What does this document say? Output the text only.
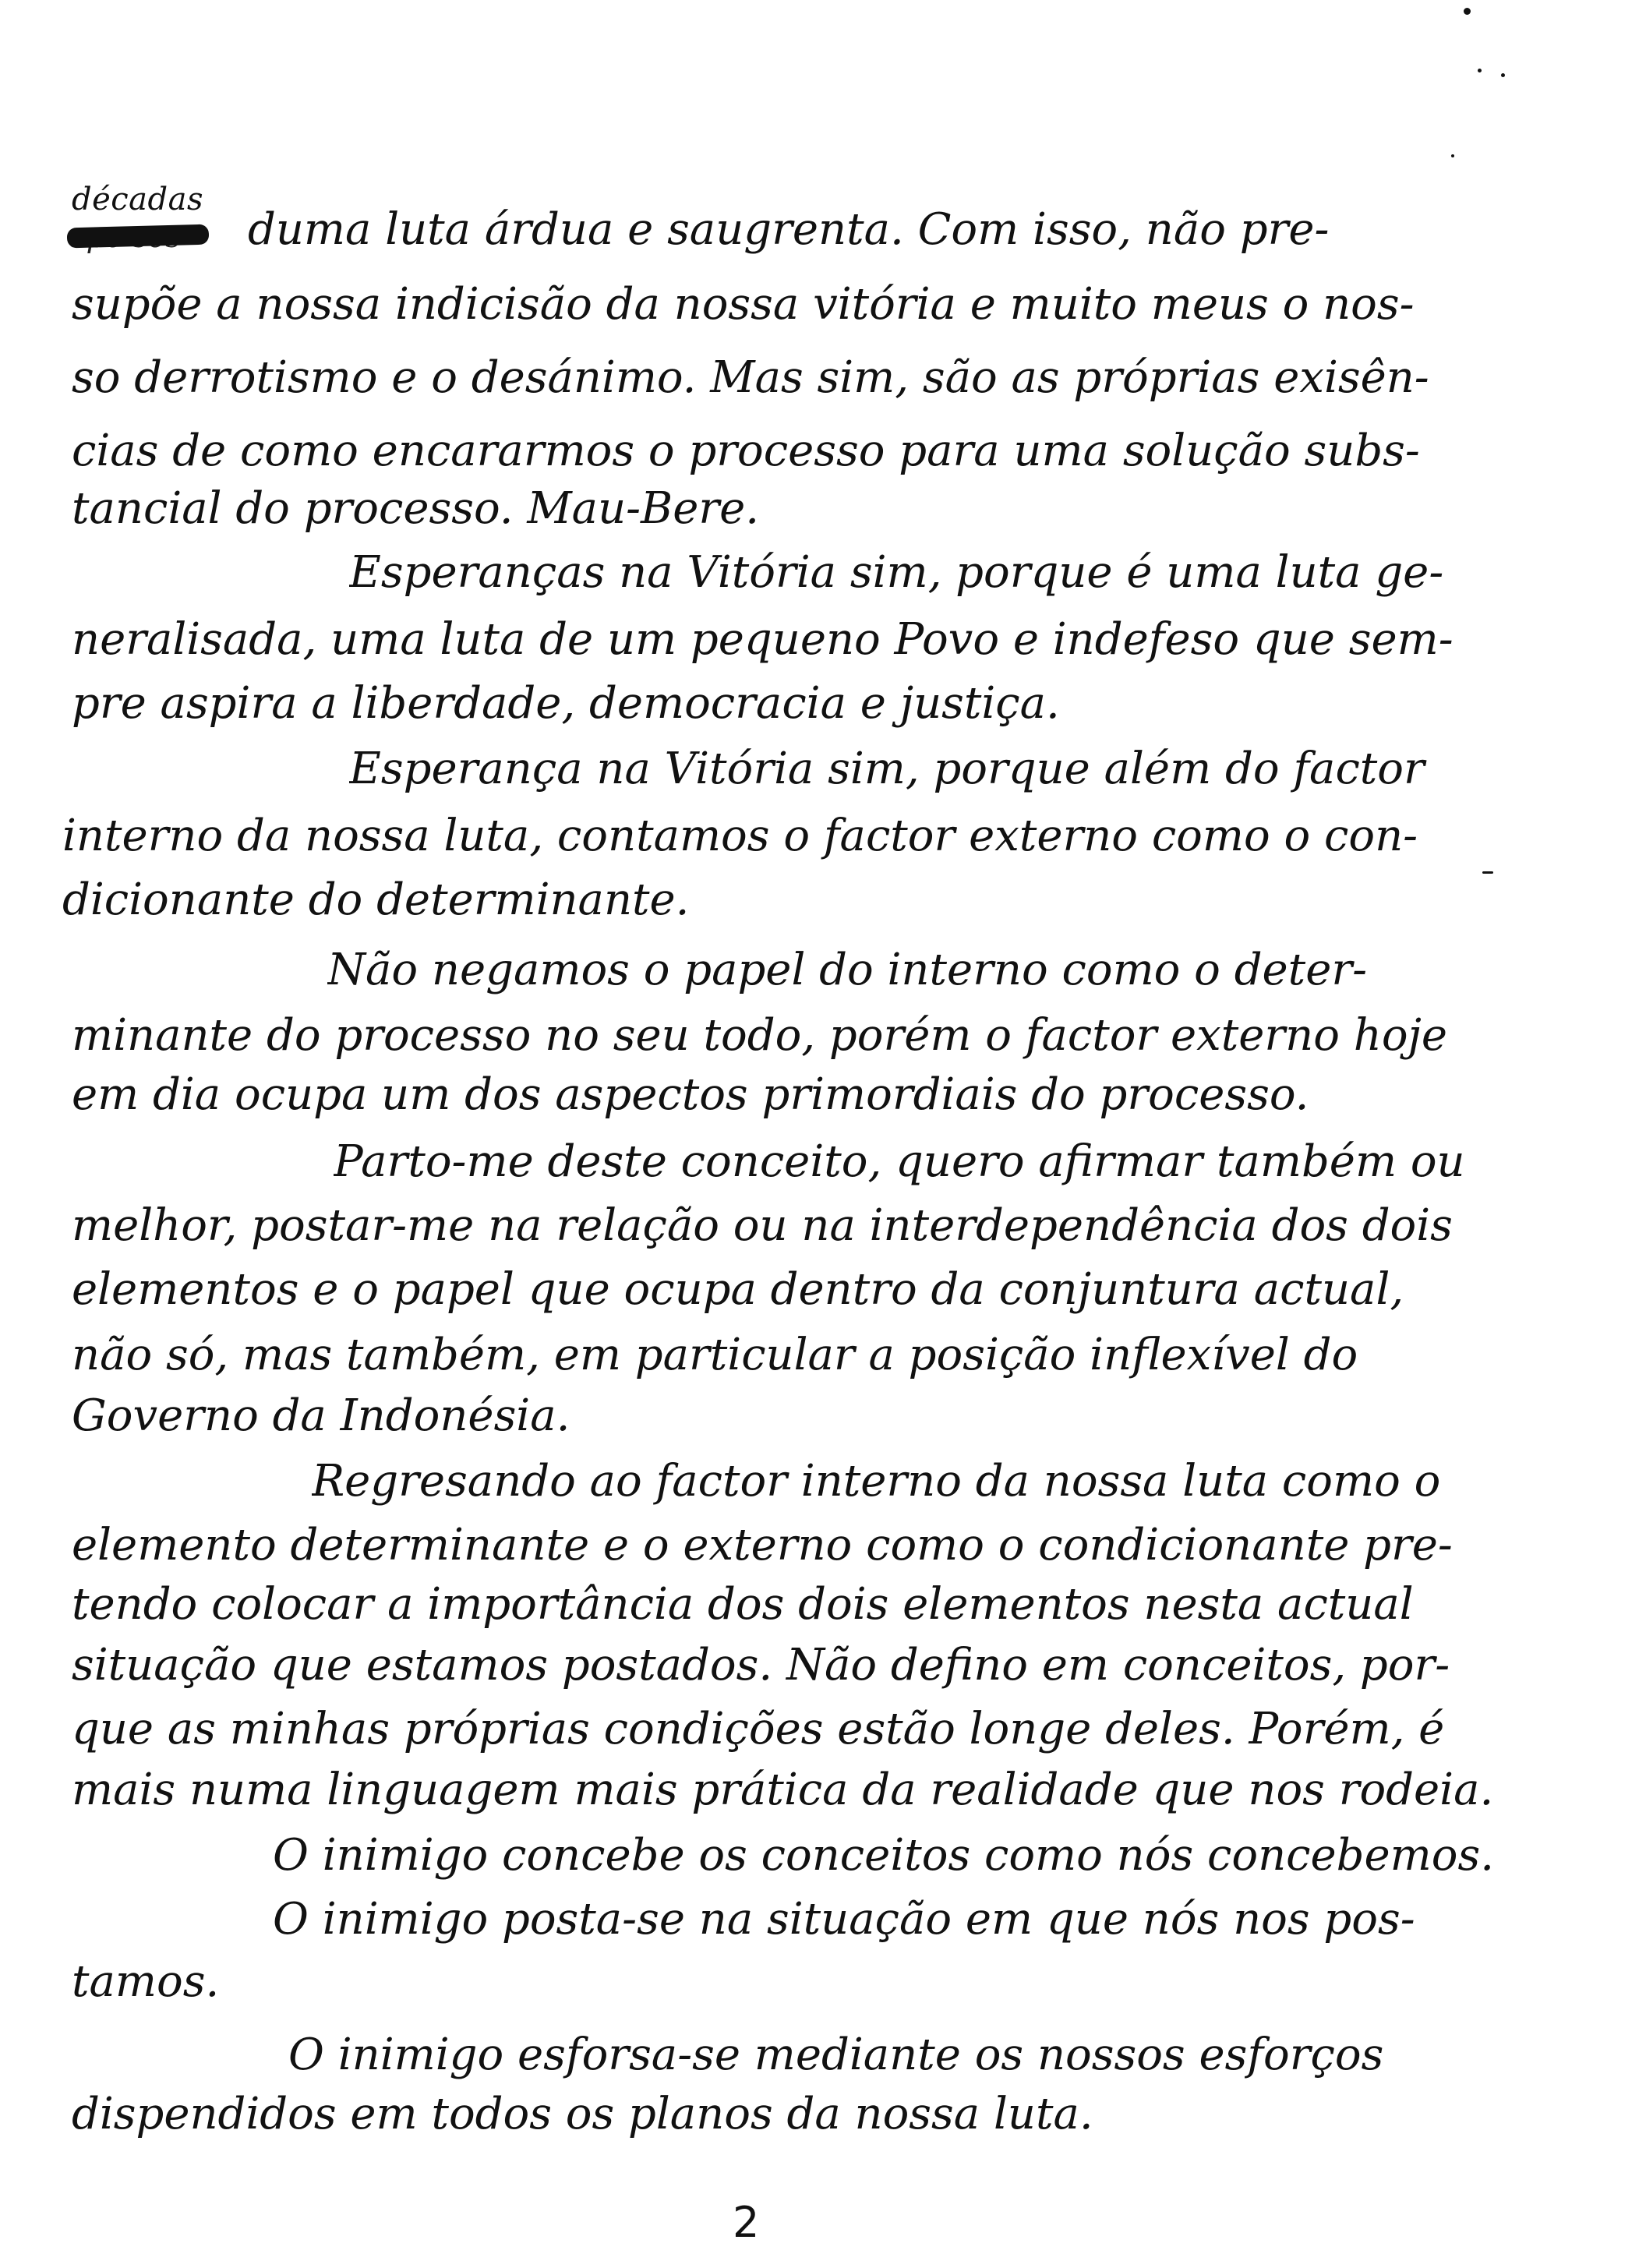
décadas
duma luta árdua e saugrenta. Com isso, não pre-
supõe a nossa indicisão da nossa vitória e muito meus o nos-
so derrotismo e o desánimo. Mas sim, são as próprias exisên-
cias de como encararmos o processo para uma solução subs-
tancial do processo. Mau-Bere.
Esperanças na Vitória sim, porque é uma luta ge-
neralisada, uma luta de um pequeno Povo e indefeso que sem-
pre aspira a liberdade, democracia e justiça.
Esperança na Vitória sim, porque além do factor
interno da nossa luta, contamos o factor externo como o con-
dicionante do determinante.
Não negamos o papel do interno como o deter-
minante do processo no seu todo, porém o factor externo hoje
em dia ocupa um dos aspectos primordiais do processo.
Parto-me deste conceito, quero afirmar também ou
melhor, postar-me na relação ou na interdependência dos dois
elementos e o papel que ocupa dentro da conjuntura actual,
não só, mas também, em particular a posição inflexível do
Governo da Indonésia.
Regresando ao factor interno da nossa luta como o
elemento determinante e o externo como o condicionante pre-
tendo colocar a importância dos dois elementos nesta actual
situação que estamos postados. Não defino em conceitos, por-
que as minhas próprias condições estão longe deles. Porém, é
mais numa linguagem mais prática da realidade que nos rodeia.
O inimigo concebe os conceitos como nós concebemos.
O inimigo posta-se na situação em que nós nos pos-
tamos.
O inimigo esforsa-se mediante os nossos esforços
dispendidos em todos os planos da nossa luta.
2
